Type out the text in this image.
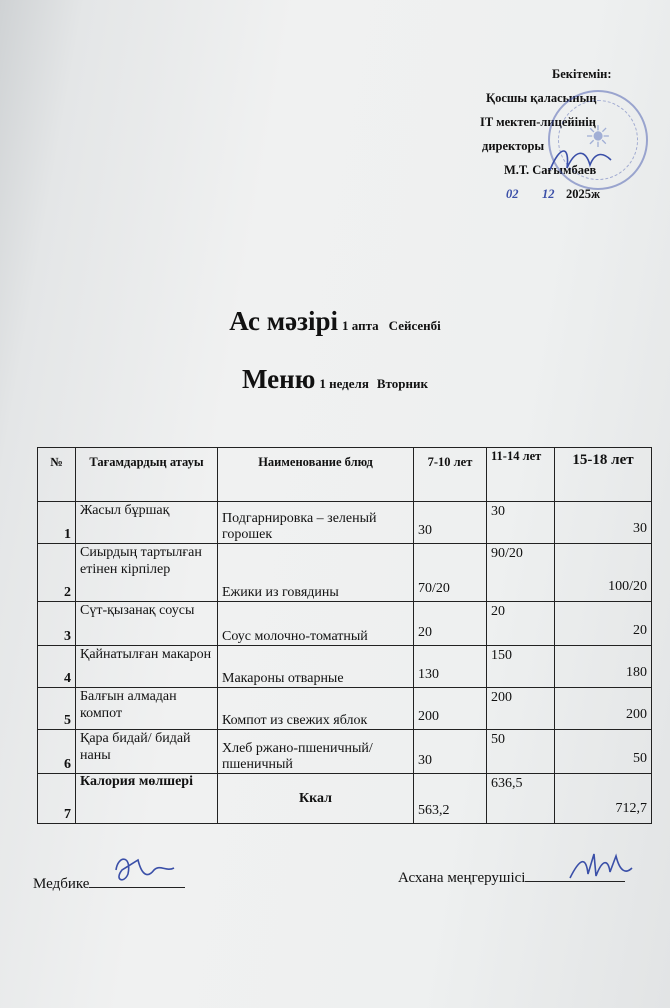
Бекітемін:
Қосшы қаласының
IT мектеп-лицейінің
директоры
М.Т. Сағымбаев
02 12 2025ж
☀
Ас мәзірі 1 апта Сейсенбі
Меню 1 неделя Вторник
№	Тағамдардың атауы	Наименование блюд	7-10 лет	11-14 лет	15-18 лет
1	Жасыл бұршақ	Подгарнировка – зеленый горошек	30	30	30
2	Сиырдың тартылған етінен кірпілер	Ежики из говядины	70/20	90/20	100/20
3	Сүт-қызанақ соусы	Соус молочно-томатный	20	20	20
4	Қайнатылған макарон	Макароны отварные	130	150	180
5	Балғын алмадан компот	Компот из свежих яблок	200	200	200
6	Қара бидай/ бидай наны	Хлеб ржано-пшеничный/пшеничный	30	50	50
7	Калория мөлшері	Ккал	563,2	636,5	712,7
Медбике	Асхана меңгерушісі
